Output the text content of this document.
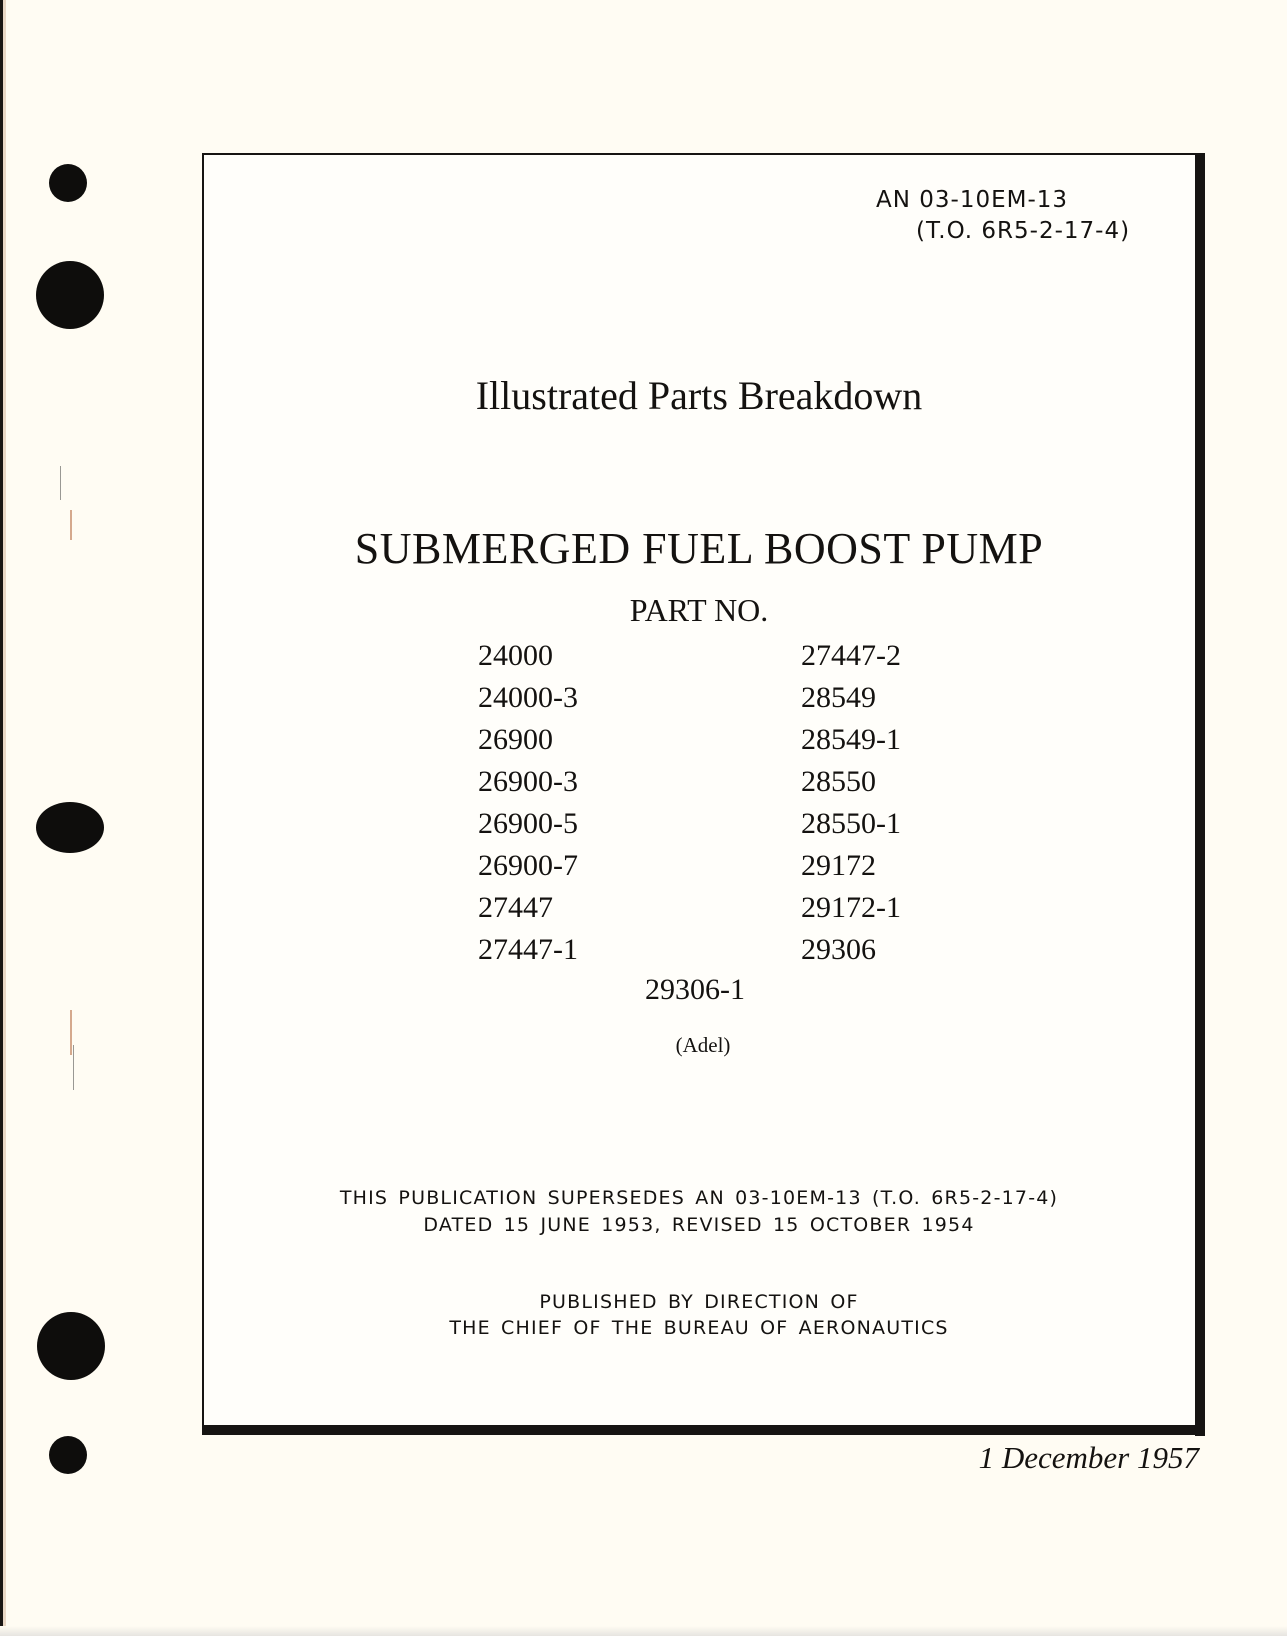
AN 03-10EM-13
(T.O. 6R5-2-17-4)
Illustrated Parts Breakdown
SUBMERGED FUEL BOOST PUMP
PART NO.
24000
24000-3
26900
26900-3
26900-5
26900-7
27447
27447-1
27447-2
28549
28549-1
28550
28550-1
29172
29172-1
29306
29306-1
(Adel)
THIS PUBLICATION SUPERSEDES AN 03-10EM-13 (T.O. 6R5-2-17-4)
DATED 15 JUNE 1953, REVISED 15 OCTOBER 1954
PUBLISHED BY DIRECTION OF
THE CHIEF OF THE BUREAU OF AERONAUTICS
1 December 1957
